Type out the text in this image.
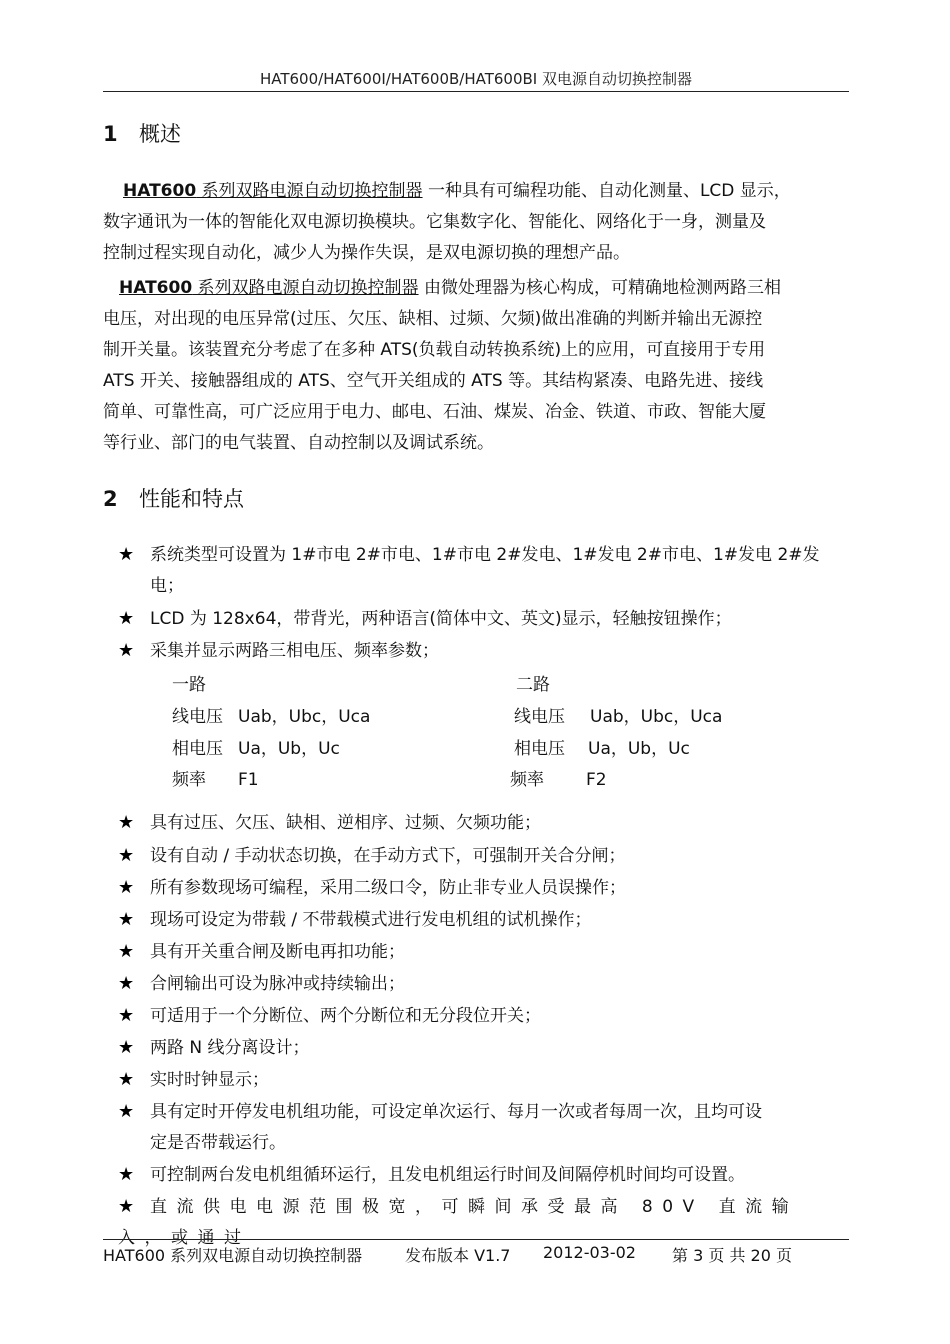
HAT600/HAT600I/HAT600B/HAT600BI 双电源自动切换控制器
1 概述
HAT600 系列双路电源自动切换控制器 一种具有可编程功能、自动化测量、LCD 显示，
数字通讯为一体的智能化双电源切换模块。它集数字化、智能化、网络化于一身，测量及
控制过程实现自动化，减少人为操作失误，是双电源切换的理想产品。
HAT600 系列双路电源自动切换控制器 由微处理器为核心构成，可精确地检测两路三相
电压，对出现的电压异常(过压、欠压、缺相、过频、欠频)做出准确的判断并输出无源控
制开关量。该装置充分考虑了在多种 ATS(负载自动转换系统)上的应用，可直接用于专用
ATS 开关、接触器组成的 ATS、空气开关组成的 ATS 等。其结构紧凑、电路先进、接线
简单、可靠性高，可广泛应用于电力、邮电、石油、煤炭、冶金、铁道、市政、智能大厦
等行业、部门的电气装置、自动控制以及调试系统。
2 性能和特点
★ 系统类型可设置为 1#市电 2#市电、1#市电 2#发电、1#发电 2#市电、1#发电 2#发
电；
★ LCD 为 128x64，带背光，两种语言(简体中文、英文)显示，轻触按钮操作；
★ 采集并显示两路三相电压、频率参数；
一路	二路
线电压 Uab，Ubc，Uca	线电压 Uab，Ubc，Uca
相电压 Ua，Ub，Uc	相电压 Ua，Ub，Uc
频率 F1	频率 F2
★ 具有过压、欠压、缺相、逆相序、过频、欠频功能；
★ 设有自动 / 手动状态切换，在手动方式下，可强制开关合分闸；
★ 所有参数现场可编程，采用二级口令，防止非专业人员误操作；
★ 现场可设定为带载 / 不带载模式进行发电机组的试机操作；
★ 具有开关重合闸及断电再扣功能；
★ 合闸输出可设为脉冲或持续输出；
★ 可适用于一个分断位、两个分断位和无分段位开关；
★ 两路 N 线分离设计；
★ 实时时钟显示；
★ 具有定时开停发电机组功能，可设定单次运行、每月一次或者每周一次，且均可设
定是否带载运行。
★ 可控制两台发电机组循环运行，且发电机组运行时间及间隔停机时间均可设置。
★ 直流供电电源范围极宽，可瞬间承受最高 80V 直流输入，或通过
HAT600 系列双电源自动切换控制器	发布版本 V1.7 2012-03-02 第 3 页 共 20 页
